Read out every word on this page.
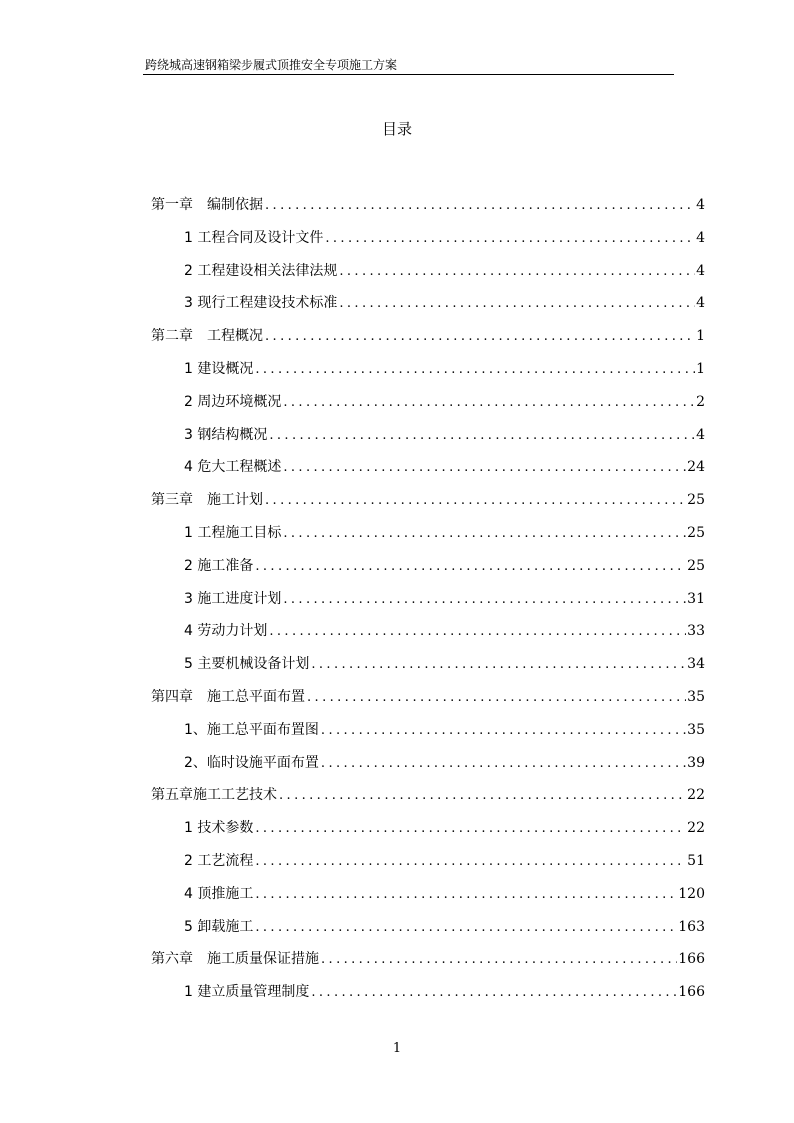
跨绕城高速钢箱梁步履式顶推安全专项施工方案
目录
第一章　编制依据 .....	4
1 工程合同及设计文件 .....	4
2 工程建设相关法律法规 .....	4
3 现行工程建设技术标准 .....	4
第二章　工程概况 .....	1
1 建设概况 .....	1
2 周边环境概况 .....	2
3 钢结构概况 .....	4
4 危大工程概述 .....	24
第三章　施工计划 .....	25
1 工程施工目标 .....	25
2 施工准备 .....	25
3 施工进度计划 .....	31
4 劳动力计划 .....	33
5 主要机械设备计划 .....	34
第四章　施工总平面布置 .....	35
1、施工总平面布置图 .....	35
2、临时设施平面布置 .....	39
第五章施工工艺技术 .....	22
1 技术参数 .....	22
2 工艺流程 .....	51
4 顶推施工 .....	120
5 卸载施工 .....	163
第六章　施工质量保证措施 .....	166
1 建立质量管理制度 .....	166
1
